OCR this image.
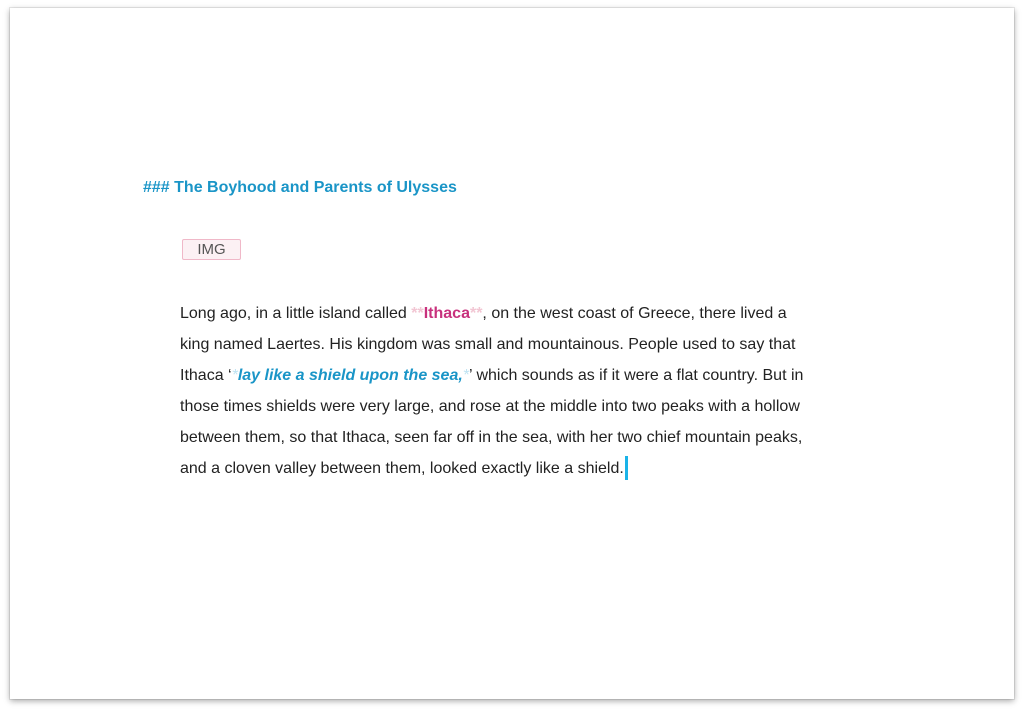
### The Boyhood and Parents of Ulysses
IMG
Long ago, in a little island called **Ithaca**, on the west coast of Greece, there lived a
king named Laertes. His kingdom was small and mountainous. People used to say that
Ithaca ‘*lay like a shield upon the sea,*’ which sounds as if it were a flat country. But in
those times shields were very large, and rose at the middle into two peaks with a hollow
between them, so that Ithaca, seen far off in the sea, with her two chief mountain peaks,
and a cloven valley between them, looked exactly like a shield.
